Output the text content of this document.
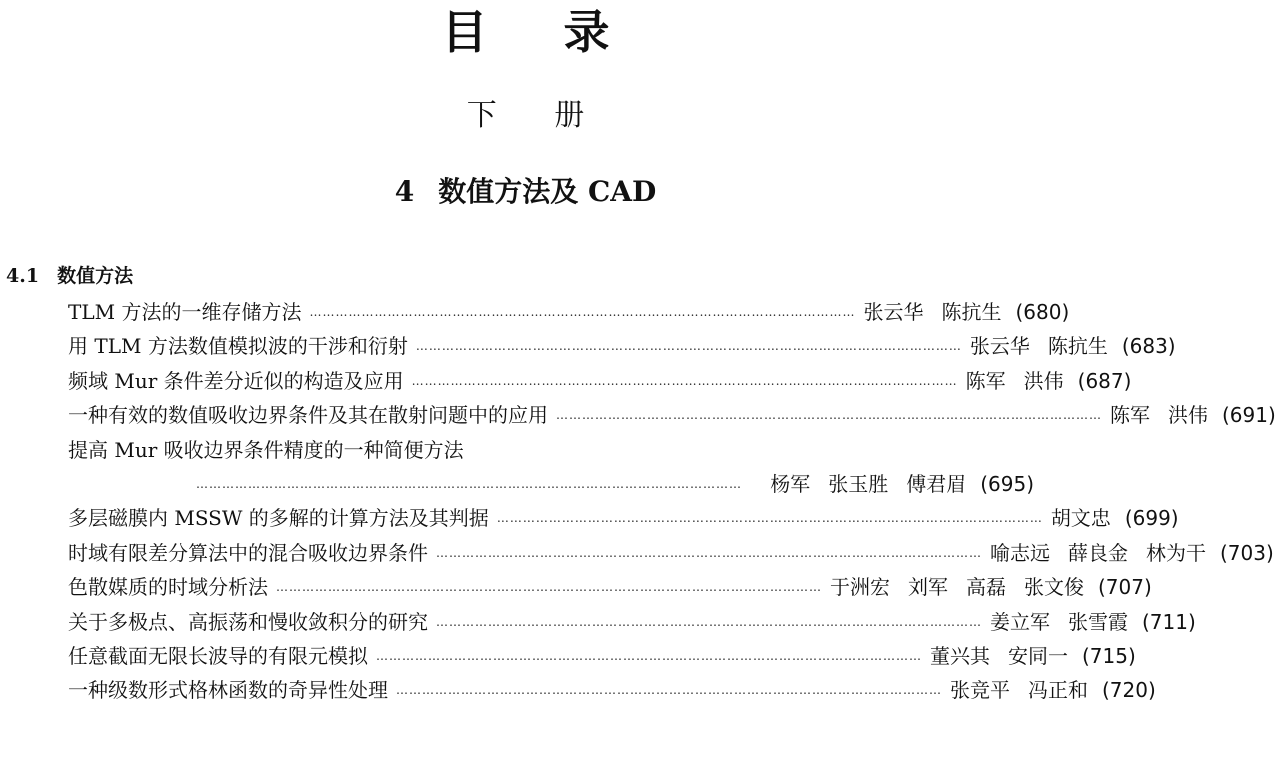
目 录
下 册
4 数值方法及 CAD
4.1 数值方法
TLM 方法的一维存储方法 ……………………………………………………………………………………………………………… 张云华 陈抗生 (680)
用 TLM 方法数值模拟波的干涉和衍射 ……………………………………………………………………………………………………………… 张云华 陈抗生 (683)
频域 Mur 条件差分近似的构造及应用 ……………………………………………………………………………………………………………… 陈军 洪伟 (687)
一种有效的数值吸收边界条件及其在散射问题中的应用 ……………………………………………………………………………………………………………… 陈军 洪伟 (691)
提高 Mur 吸收边界条件精度的一种简便方法
………………………………………………………………………………………………………………	杨军 张玉胜 傅君眉 (695)
多层磁膜内 MSSW 的多解的计算方法及其判据 ……………………………………………………………………………………………………………… 胡文忠 (699)
时域有限差分算法中的混合吸收边界条件 ……………………………………………………………………………………………………………… 喻志远 薛良金 林为干 (703)
色散媒质的时域分析法 ……………………………………………………………………………………………………………… 于洲宏 刘军 高磊 张文俊 (707)
关于多极点、高振荡和慢收敛积分的研究 ……………………………………………………………………………………………………………… 姜立军 张雪霞 (711)
任意截面无限长波导的有限元模拟 ……………………………………………………………………………………………………………… 董兴其 安同一 (715)
一种级数形式格林函数的奇异性处理 ……………………………………………………………………………………………………………… 张竞平 冯正和 (720)
